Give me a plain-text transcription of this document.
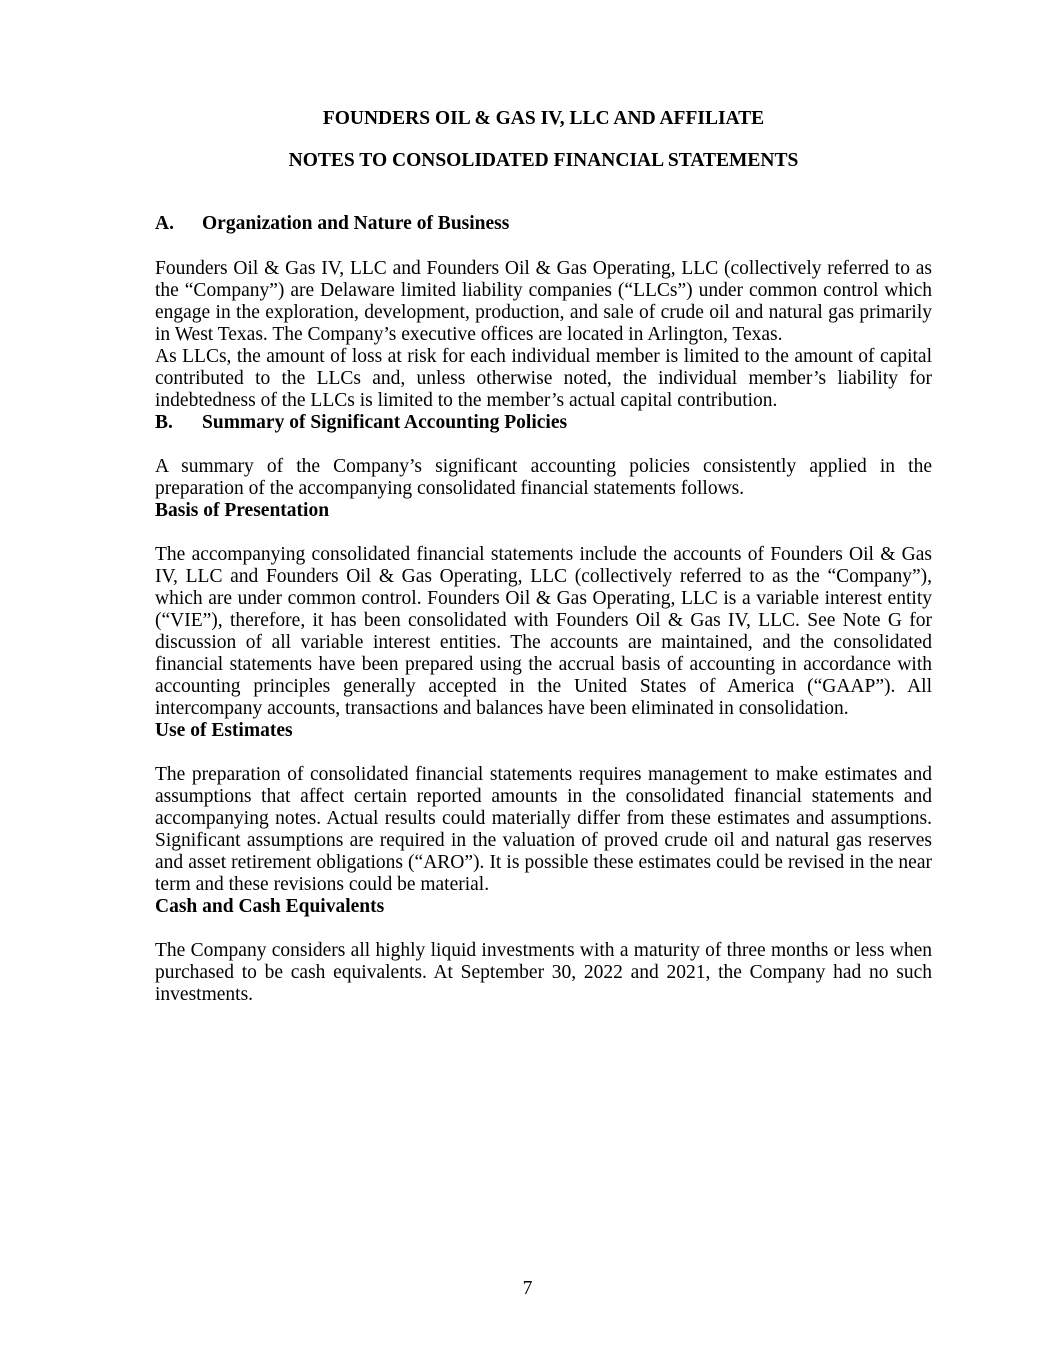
FOUNDERS OIL & GAS IV, LLC AND AFFILIATE
NOTES TO CONSOLIDATED FINANCIAL STATEMENTS
A. Organization and Nature of Business

Founders Oil & Gas IV, LLC and Founders Oil & Gas Operating, LLC (collectively referred to as the “Company”) are Delaware limited liability companies (“LLCs”) under common control which engage in the exploration, development, production, and sale of crude oil and natural gas primarily in West Texas. The Company’s executive offices are located in Arlington, Texas.

As LLCs, the amount of loss at risk for each individual member is limited to the amount of capital contributed to the LLCs and, unless otherwise noted, the individual member’s liability for indebtedness of the LLCs is limited to the member’s actual capital contribution.

B. Summary of Significant Accounting Policies

A summary of the Company’s significant accounting policies consistently applied in the preparation of the accompanying consolidated financial statements follows.

Basis of Presentation

The accompanying consolidated financial statements include the accounts of Founders Oil & Gas IV, LLC and Founders Oil & Gas Operating, LLC (collectively referred to as the “Company”), which are under common control. Founders Oil & Gas Operating, LLC is a variable interest entity (“VIE”), therefore, it has been consolidated with Founders Oil & Gas IV, LLC. See Note G for discussion of all variable interest entities. The accounts are maintained, and the consolidated financial statements have been prepared using the accrual basis of accounting in accordance with accounting principles generally accepted in the United States of America (“GAAP”). All intercompany accounts, transactions and balances have been eliminated in consolidation.

Use of Estimates

The preparation of consolidated financial statements requires management to make estimates and assumptions that affect certain reported amounts in the consolidated financial statements and accompanying notes. Actual results could materially differ from these estimates and assumptions. Significant assumptions are required in the valuation of proved crude oil and natural gas reserves and asset retirement obligations (“ARO”). It is possible these estimates could be revised in the near term and these revisions could be material.

Cash and Cash Equivalents

The Company considers all highly liquid investments with a maturity of three months or less when purchased to be cash equivalents. At September 30, 2022 and 2021, the Company had no such investments.

7
